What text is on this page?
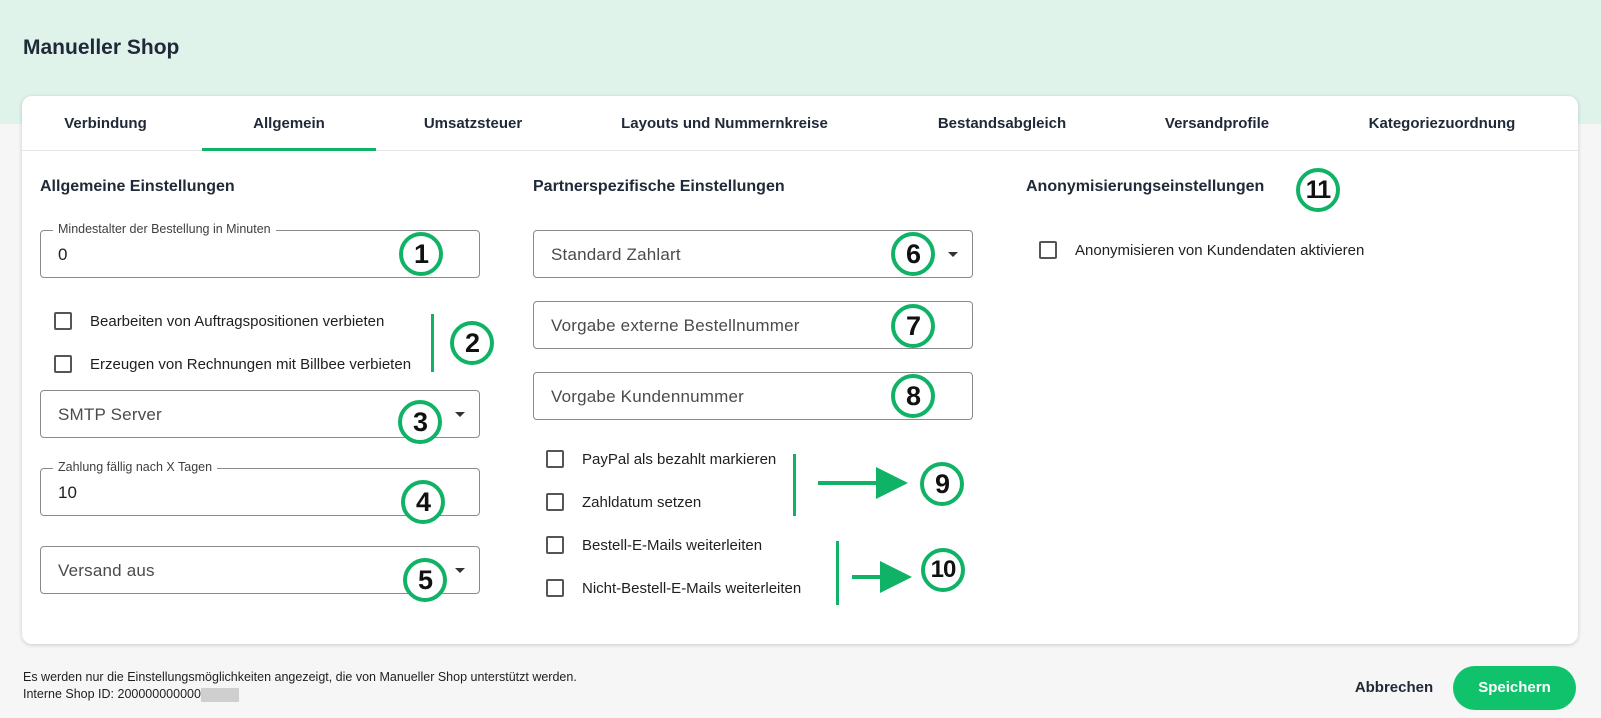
Manueller Shop
Verbindung	Allgemein	Umsatzsteuer	Layouts und Nummernkreise	Bestandsabgleich	Versandprofile	Kategoriezuordnung
Allgemeine Einstellungen
Mindestalter der Bestellung in Minuten
0
Bearbeiten von Auftragspositionen verbieten
Erzeugen von Rechnungen mit Billbee verbieten
SMTP Server
Zahlung fällig nach X Tagen
10
Versand aus
Partnerspezifische Einstellungen
Standard Zahlart
Vorgabe externe Bestellnummer
Vorgabe Kundennummer
PayPal als bezahlt markieren
Zahldatum setzen
Bestell-E-Mails weiterleiten
Nicht-Bestell-E-Mails weiterleiten
Anonymisierungseinstellungen
Anonymisieren von Kundendaten aktivieren
1
2
3
4
5
6
7
8
9
10
11
Es werden nur die Einstellungsmöglichkeiten angezeigt, die von Manueller Shop unterstützt werden.
Interne Shop ID: 200000000000	Abbrechen	Speichern
